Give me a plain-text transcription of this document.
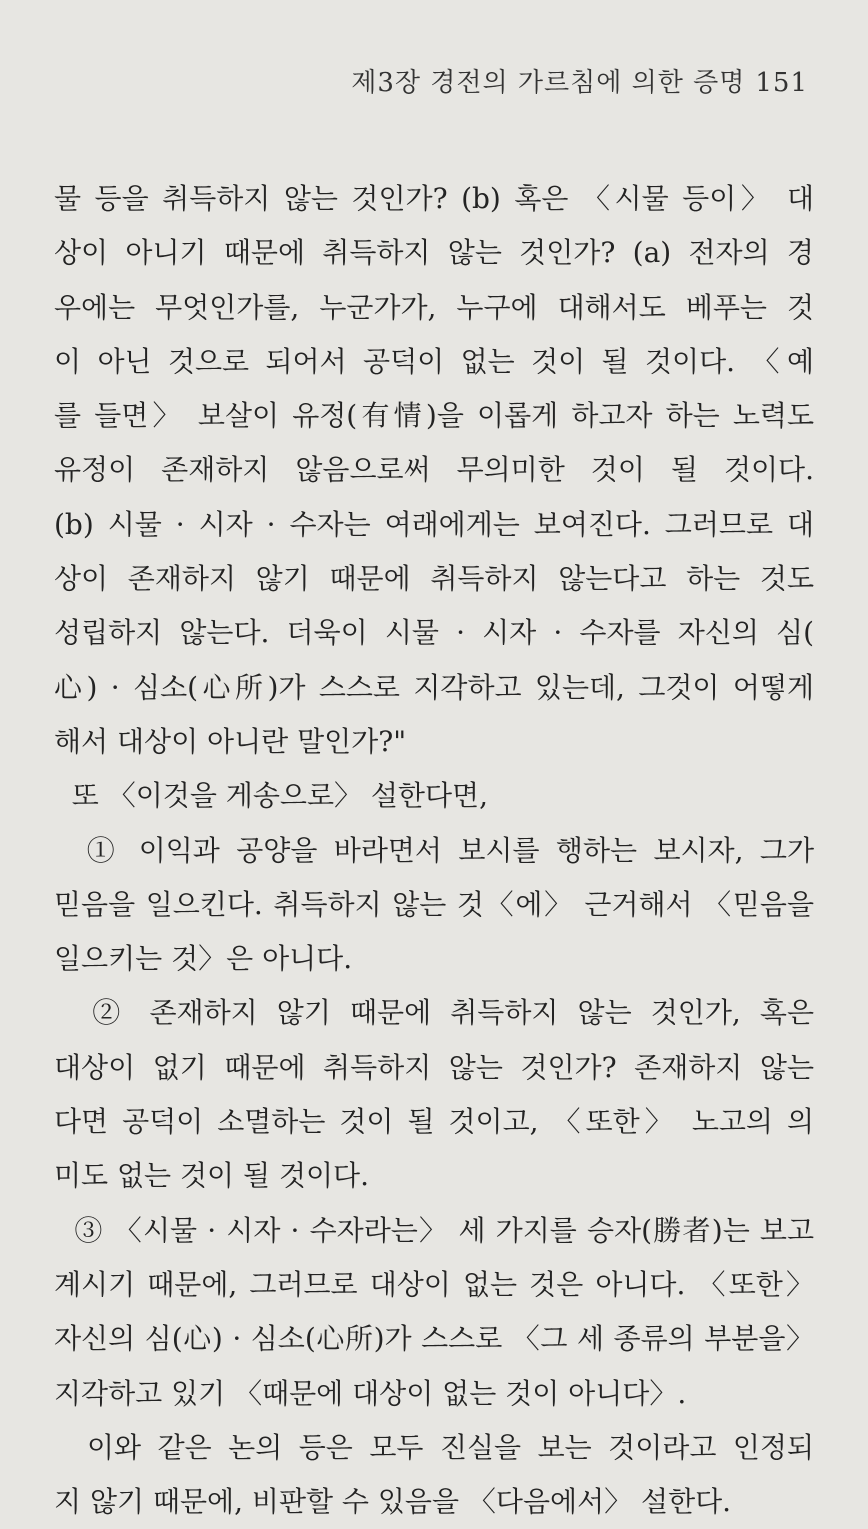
제3장 경전의 가르침에 의한 증명 151
물 등을 취득하지 않는 것인가? (b) 혹은 〈시물 등이〉 대
상이 아니기 때문에 취득하지 않는 것인가? (a) 전자의 경
우에는 무엇인가를, 누군가가, 누구에 대해서도 베푸는 것
이 아닌 것으로 되어서 공덕이 없는 것이 될 것이다. 〈예
를 들면〉 보살이 유정(有情)을 이롭게 하고자 하는 노력도
유정이 존재하지 않음으로써 무의미한 것이 될 것이다.
(b) 시물 · 시자 · 수자는 여래에게는 보여진다. 그러므로 대
상이 존재하지 않기 때문에 취득하지 않는다고 하는 것도
성립하지 않는다. 더욱이 시물 · 시자 · 수자를 자신의 심(
心) · 심소(心所)가 스스로 지각하고 있는데, 그것이 어떻게
해서 대상이 아니란 말인가?"
또 〈이것을 게송으로〉 설한다면,
① 이익과 공양을 바라면서 보시를 행하는 보시자, 그가
믿음을 일으킨다. 취득하지 않는 것〈에〉 근거해서 〈믿음을
일으키는 것〉은 아니다.
② 존재하지 않기 때문에 취득하지 않는 것인가, 혹은
대상이 없기 때문에 취득하지 않는 것인가? 존재하지 않는
다면 공덕이 소멸하는 것이 될 것이고, 〈또한〉 노고의 의
미도 없는 것이 될 것이다.
③ 〈시물 · 시자 · 수자라는〉 세 가지를 승자(勝者)는 보고
계시기 때문에, 그러므로 대상이 없는 것은 아니다. 〈또한〉
자신의 심(心) · 심소(心所)가 스스로 〈그 세 종류의 부분을〉
지각하고 있기 〈때문에 대상이 없는 것이 아니다〉.
이와 같은 논의 등은 모두 진실을 보는 것이라고 인정되
지 않기 때문에, 비판할 수 있음을 〈다음에서〉 설한다.
